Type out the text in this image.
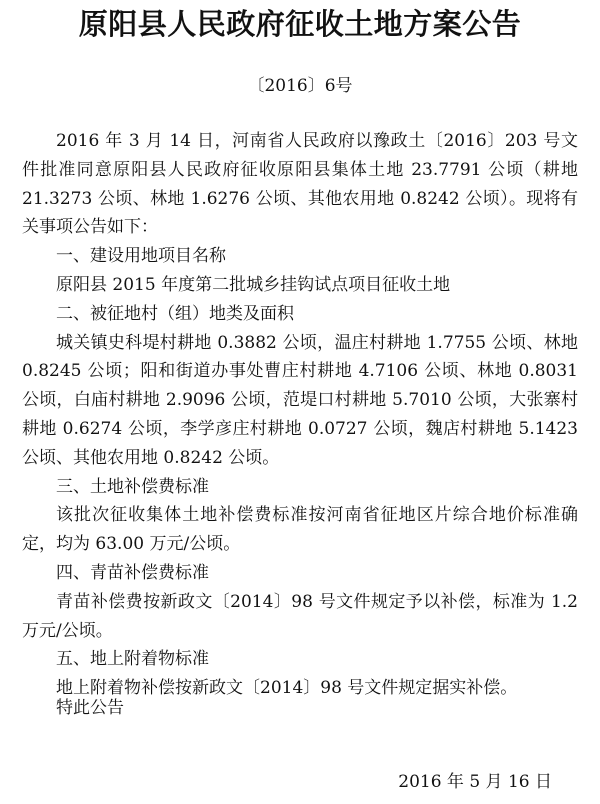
原阳县人民政府征收土地方案公告
〔2016〕6号

2016 年 3 月 14 日，河南省人民政府以豫政土〔2016〕203 号文件批准同意原阳县人民政府征收原阳县集体土地 23.7791 公顷（耕地 21.3273 公顷、林地 1.6276 公顷、其他农用地 0.8242 公顷）。现将有关事项公告如下：

一、建设用地项目名称

原阳县 2015 年度第二批城乡挂钩试点项目征收土地

二、被征地村（组）地类及面积

城关镇史科堤村耕地 0.3882 公顷，温庄村耕地 1.7755 公顷、林地 0.8245 公顷；阳和街道办事处曹庄村耕地 4.7106 公顷、林地 0.8031 公顷，白庙村耕地 2.9096 公顷，范堤口村耕地 5.7010 公顷，大张寨村耕地 0.6274 公顷，李学彦庄村耕地 0.0727 公顷，魏店村耕地 5.1423 公顷、其他农用地 0.8242 公顷。

三、土地补偿费标准

该批次征收集体土地补偿费标准按河南省征地区片综合地价标准确定，均为 63.00 万元/公顷。

四、青苗补偿费标准

青苗补偿费按新政文〔2014〕98 号文件规定予以补偿，标准为 1.2 万元/公顷。

五、地上附着物标准

地上附着物补偿按新政文〔2014〕98 号文件规定据实补偿。

特此公告
2016 年 5 月 16 日
